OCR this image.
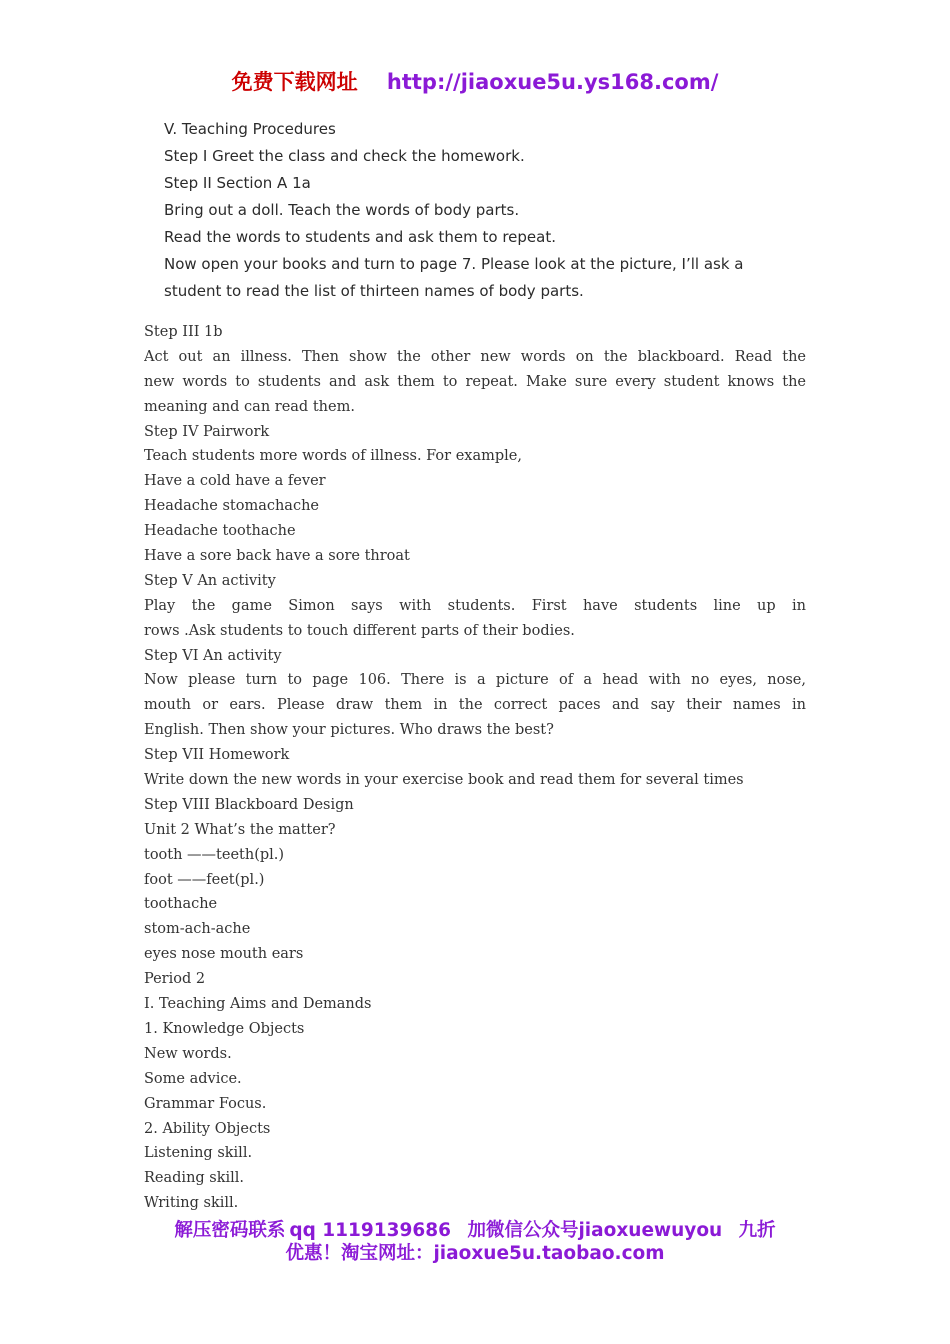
免费下载网址 http://jiaoxue5u.ys168.com/
V. Teaching Procedures
Step I Greet the class and check the homework.
Step II Section A 1a
Bring out a doll. Teach the words of body parts.
Read the words to students and ask them to repeat.
Now open your books and turn to page 7. Please look at the picture, I’ll ask a
student to read the list of thirteen names of body parts.
Step III 1b
Act out an illness. Then show the other new words on the blackboard. Read the
new words to students and ask them to repeat. Make sure every student knows the
meaning and can read them.
Step IV Pairwork
Teach students more words of illness. For example,
Have a cold have a fever
Headache stomachache
Headache toothache
Have a sore back have a sore throat
Step V An activity
Play the game Simon says with students. First have students line up in
rows .Ask students to touch different parts of their bodies.
Step VI An activity
Now please turn to page 106. There is a picture of a head with no eyes, nose,
mouth or ears. Please draw them in the correct paces and say their names in
English. Then show your pictures. Who draws the best?
Step VII Homework
Write down the new words in your exercise book and read them for several times
Step VIII Blackboard Design
Unit 2 What’s the matter?
tooth ——teeth(pl.)
foot ——feet(pl.)
toothache
stom-ach-ache
eyes nose mouth ears
Period 2
I. Teaching Aims and Demands
1. Knowledge Objects
New words.
Some advice.
Grammar Focus.
2. Ability Objects
Listening skill.
Reading skill.
Writing skill.
解压密码联系 qq 1119139686 加微信公众号jiaoxuewuyou 九折
优惠！淘宝网址：jiaoxue5u.taobao.com
